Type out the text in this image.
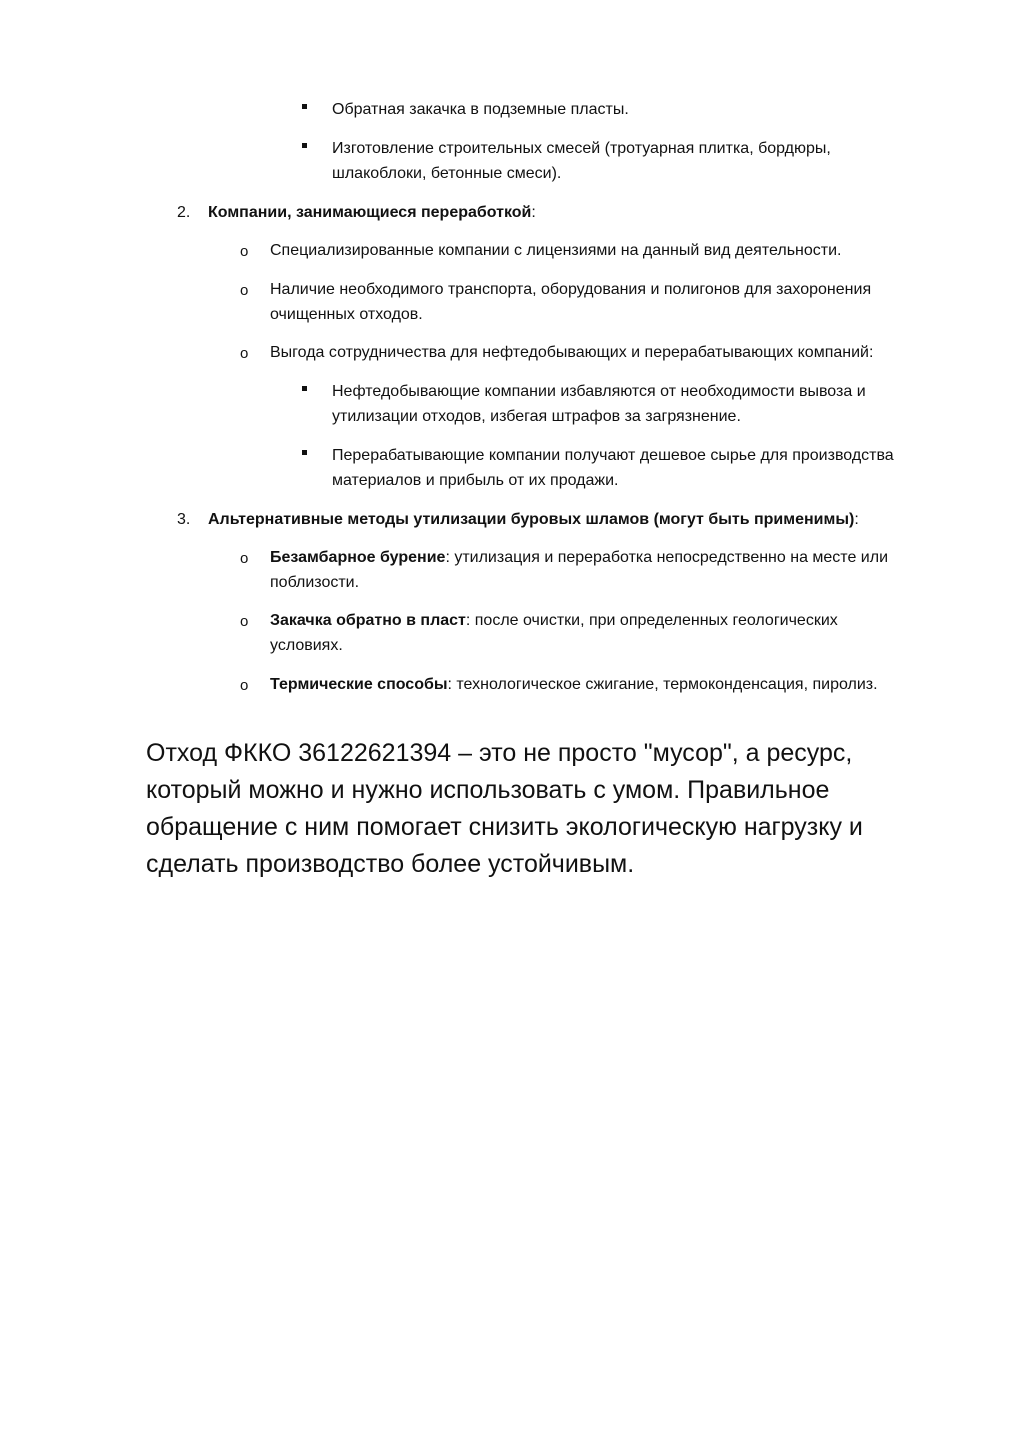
Обратная закачка в подземные пласты.
Изготовление строительных смесей (тротуарная плитка, бордюры,
шлакоблоки, бетонные смеси).
2. Компании, занимающиеся переработкой:
o Специализированные компании с лицензиями на данный вид деятельности.
o Наличие необходимого транспорта, оборудования и полигонов для захоронения
очищенных отходов.
o Выгода сотрудничества для нефтедобывающих и перерабатывающих компаний:
Нефтедобывающие компании избавляются от необходимости вывоза и
утилизации отходов, избегая штрафов за загрязнение.
Перерабатывающие компании получают дешевое сырье для производства
материалов и прибыль от их продажи.
3. Альтернативные методы утилизации буровых шламов (могут быть применимы):
o Безамбарное бурение: утилизация и переработка непосредственно на месте или
поблизости.
o Закачка обратно в пласт: после очистки, при определенных геологических
условиях.
o Термические способы: технологическое сжигание, термоконденсация, пиролиз.
Отход ФККО 36122621394 – это не просто "мусор", а ресурс,
который можно и нужно использовать с умом. Правильное
обращение с ним помогает снизить экологическую нагрузку и
сделать производство более устойчивым.
